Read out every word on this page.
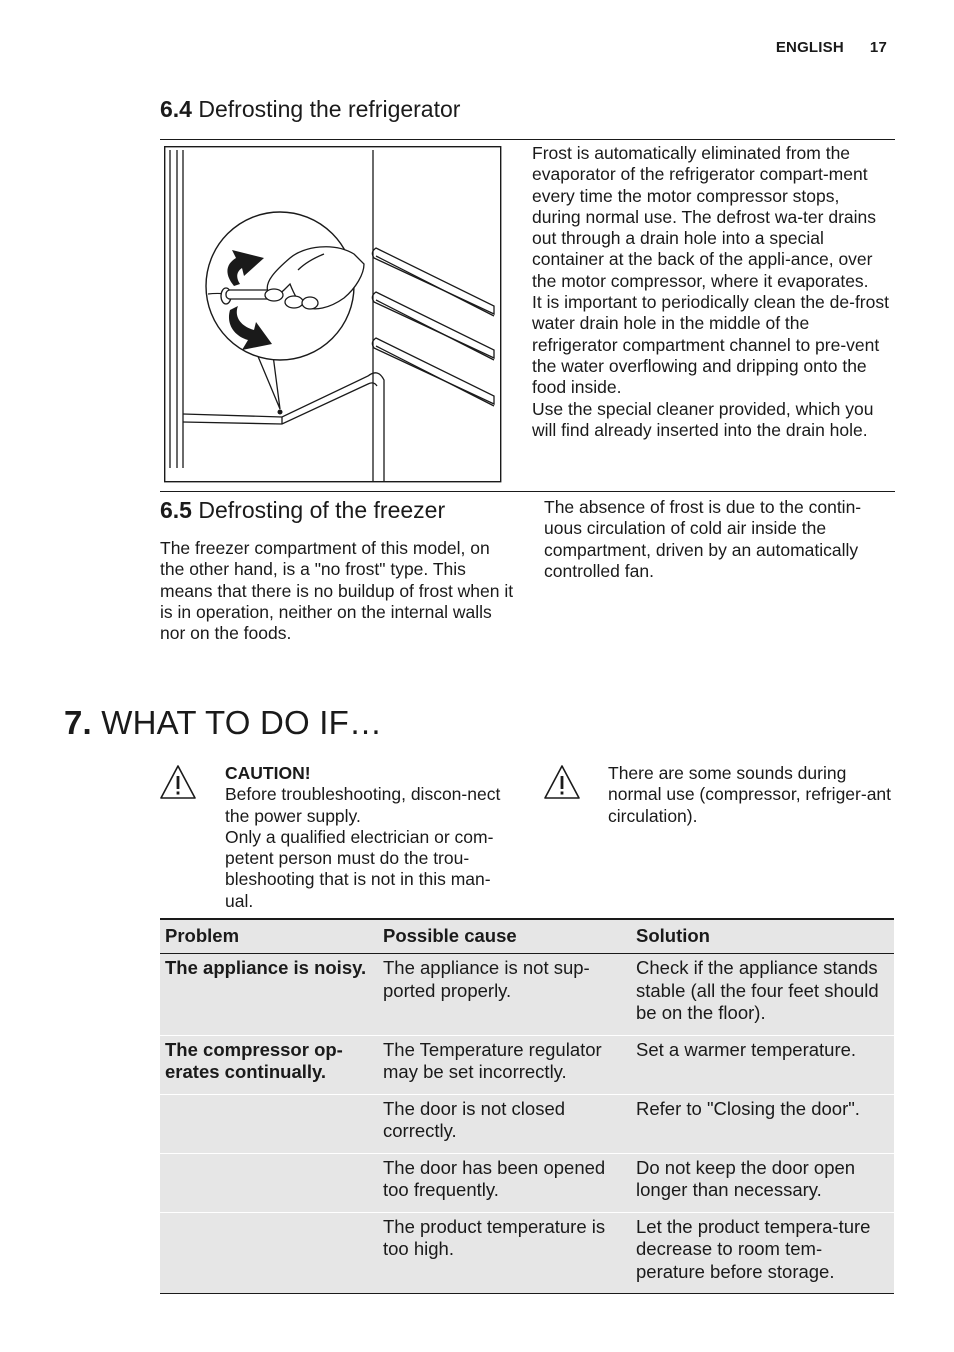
ENGLISH 17
6.4 Defrosting the refrigerator

Frost is automatically eliminated from the evaporator of the refrigerator compart-ment every time the motor compressor stops, during normal use. The defrost wa-ter drains out through a drain hole into a special container at the back of the appli-ance, over the motor compressor, where it evaporates.

It is important to periodically clean the de-frost water drain hole in the middle of the refrigerator compartment channel to pre-vent the water overflowing and dripping onto the food inside.

Use the special cleaner provided, which you will find already inserted into the drain hole.

6.5 Defrosting of the freezer
The freezer compartment of this model, on the other hand, is a "no frost" type. This means that there is no buildup of frost when it is in operation, neither on the internal walls nor on the foods.
The absence of frost is due to the contin-uous circulation of cold air inside the compartment, driven by an automatically controlled fan.
7. WHAT TO DO IF…
CAUTION!
Before troubleshooting, discon-nect the power supply.
Only a qualified electrician or com-petent person must do the trou-bleshooting that is not in this man-ual.
There are some sounds during normal use (compressor, refriger-ant circulation).
Problem	Possible cause	Solution
The appliance is noisy.	The appliance is not sup-ported properly.	Check if the appliance stands stable (all the four feet should be on the floor).
The compressor op-erates continually.	The Temperature regulator may be set incorrectly.	Set a warmer temperature.
	The door is not closed correctly.	Refer to "Closing the door".
	The door has been opened too frequently.	Do not keep the door open longer than necessary.
	The product temperature is too high.	Let the product tempera-ture decrease to room tem-perature before storage.
